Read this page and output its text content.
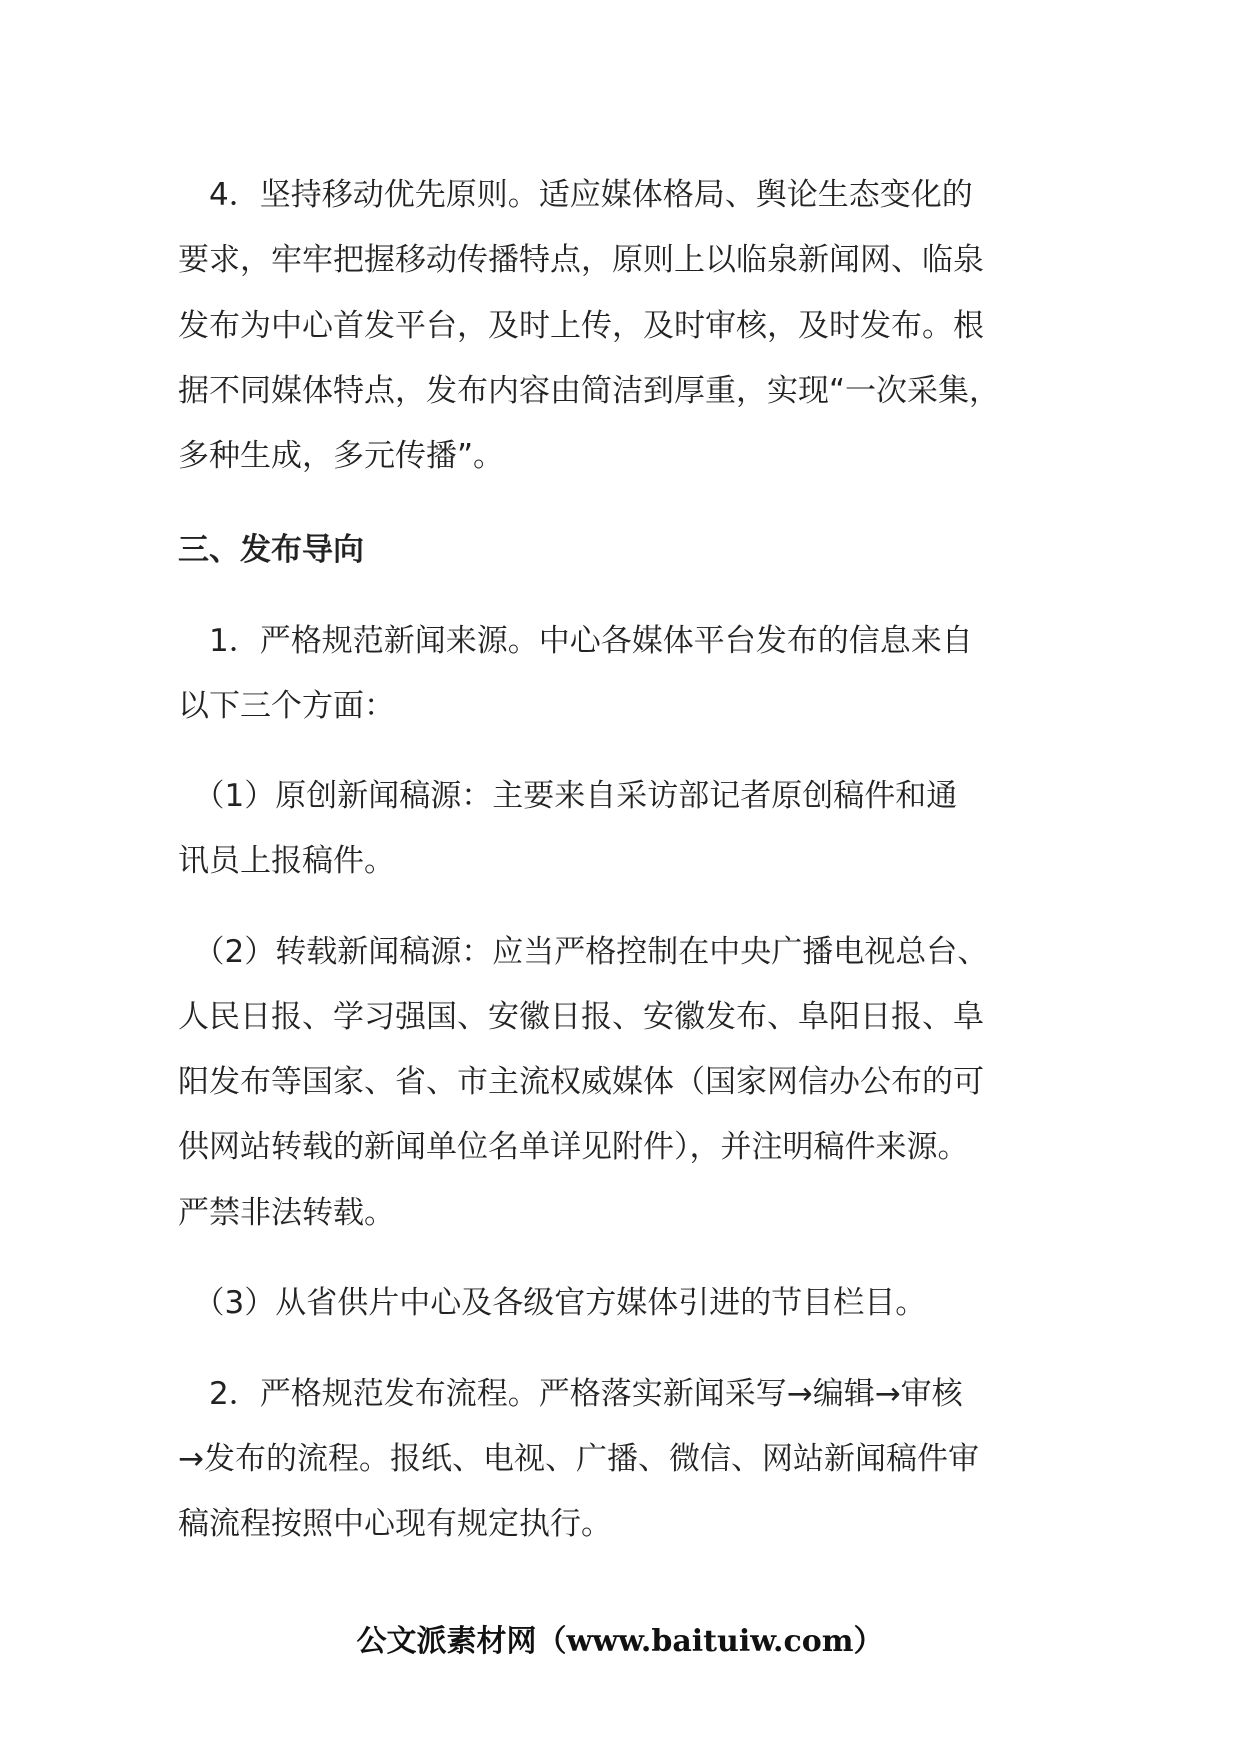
　4．坚持移动优先原则。适应媒体格局、舆论生态变化的
要求，牢牢把握移动传播特点，原则上以临泉新闻网、临泉
发布为中心首发平台，及时上传，及时审核，及时发布。根
据不同媒体特点，发布内容由简洁到厚重，实现“一次采集，
多种生成，多元传播”。
三、发布导向
　1．严格规范新闻来源。中心各媒体平台发布的信息来自
以下三个方面：
　（1）原创新闻稿源：主要来自采访部记者原创稿件和通
讯员上报稿件。
　（2）转载新闻稿源：应当严格控制在中央广播电视总台、
人民日报、学习强国、安徽日报、安徽发布、阜阳日报、阜
阳发布等国家、省、市主流权威媒体（国家网信办公布的可
供网站转载的新闻单位名单详见附件），并注明稿件来源。
严禁非法转载。
　（3）从省供片中心及各级官方媒体引进的节目栏目。
　2．严格规范发布流程。严格落实新闻采写→编辑→审核
→发布的流程。报纸、电视、广播、微信、网站新闻稿件审
稿流程按照中心现有规定执行。
公文派素材网（www.baituiw.com）
